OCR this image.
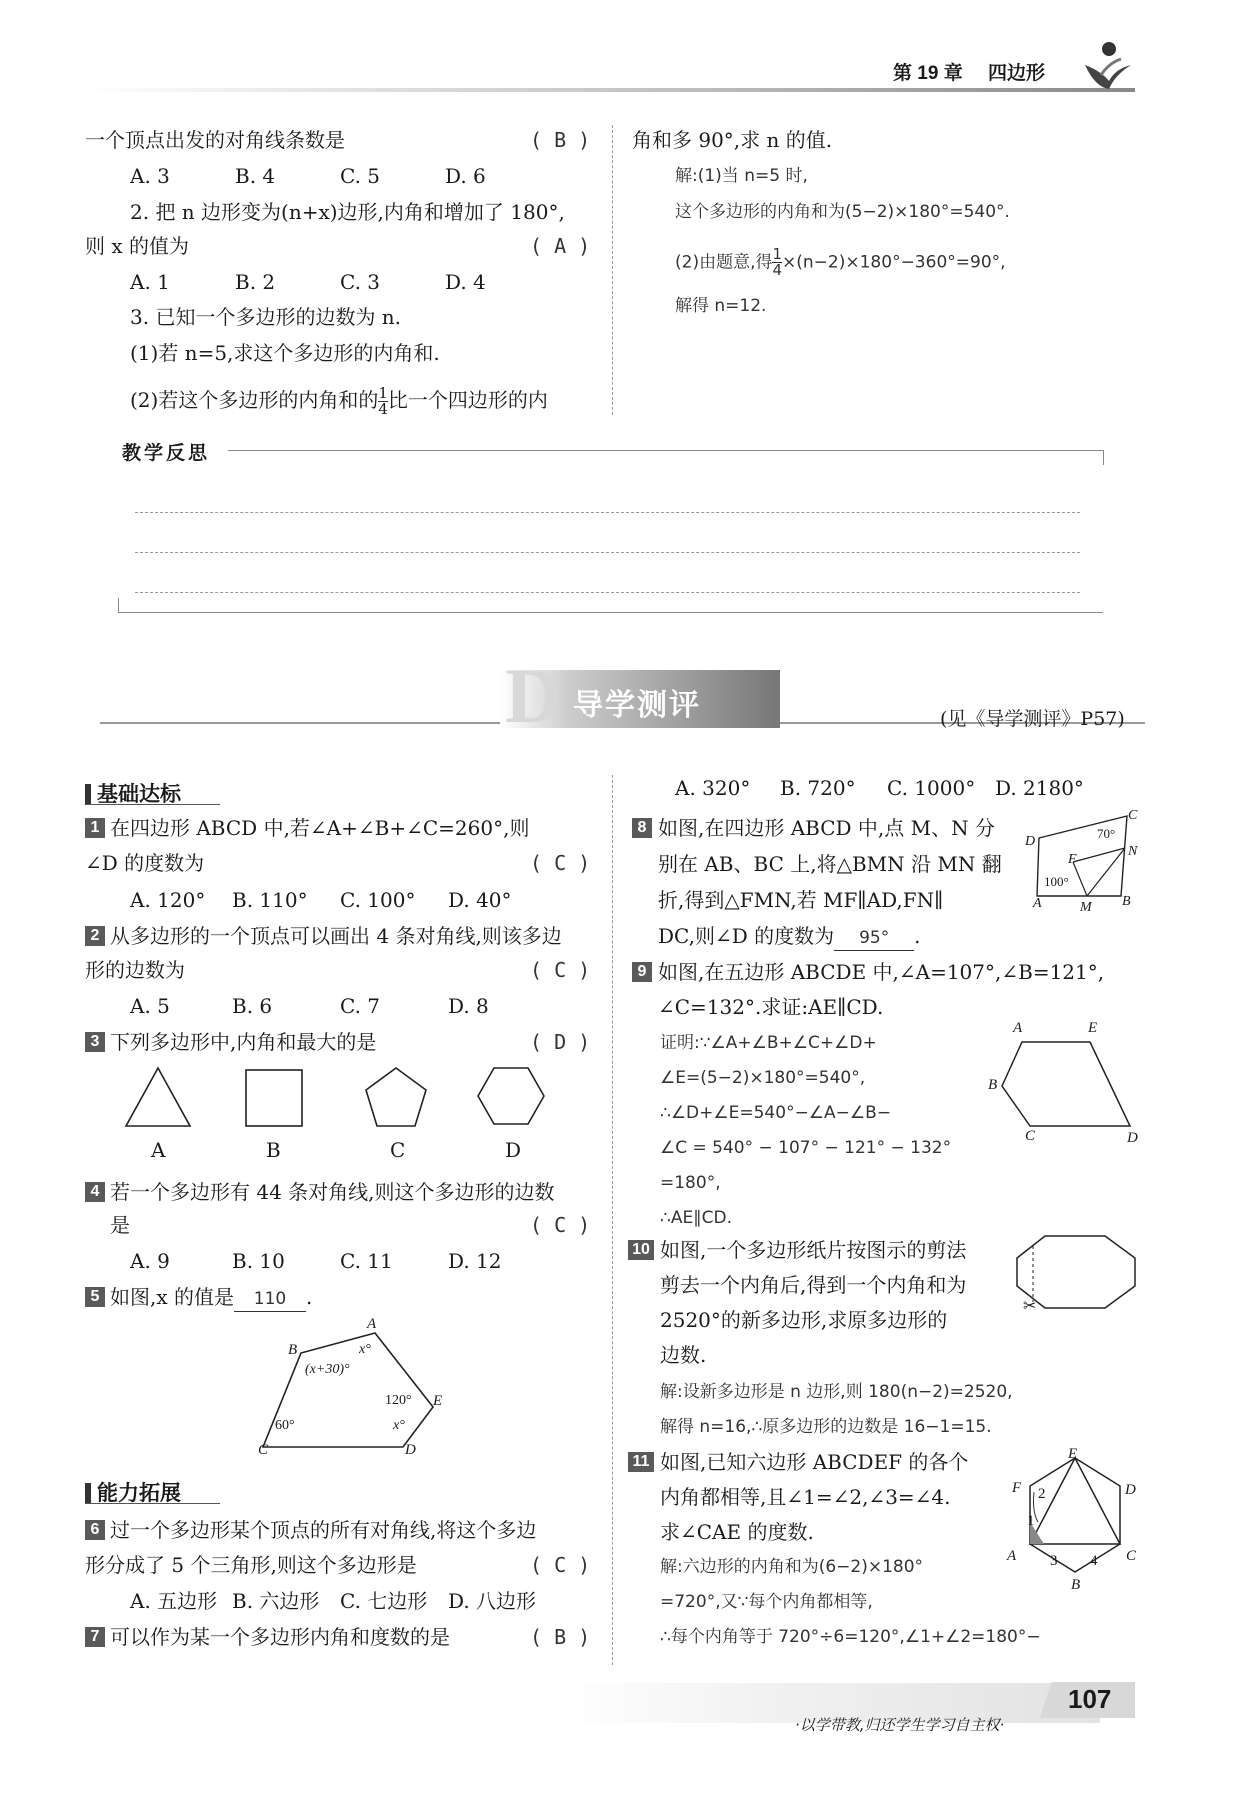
第 19 章 四边形
一个顶点出发的对角线条数是	( B )
A. 3	B. 4	C. 5	D. 6
2. 把 n 边形变为(n+x)边形,内角和增加了 180°,
则 x 的值为	( A )
A. 1	B. 2	C. 3	D. 4
3. 已知一个多边形的边数为 n.
(1)若 n=5,求这个多边形的内角和.
(2)若这个多边形的内角和的 $\frac{1}{4}$ 比一个四边形的内
角和多 90°,求 n 的值.
解:(1)当 n=5 时,
这个多边形的内角和为(5−2)×180°=540°.
(2)由题意,得 $\frac{1}{4} \times(n-2)\times 180^\circ-360^\circ=90^\circ$,
解得 n=12.
教学反思
D 导学测评	(见《导学测评》P57)
基础达标
1 在四边形 ABCD 中,若∠A+∠B+∠C=260°,则
∠D 的度数为	( C )
A. 120° B. 110° C. 100° D. 40°
2 从多边形的一个顶点可以画出 4 条对角线,则该多边
形的边数为	( C )
A. 5	B. 6	C. 7	D. 8
3 下列多边形中,内角和最大的是	( D )
A	B	C	D
4 若一个多边形有 44 条对角线,则这个多边形的边数
是	( C )
A. 9	B. 10	C. 11	D. 12
5 如图,x 的值是 110 .
A
B	x°
(x+30)°
120° E
60°	x°
C	D
能力拓展
6 过一个多边形某个顶点的所有对角线,将这个多边
形分成了 5 个三角形,则这个多边形是	( C )
A. 五边形 B. 六边形 C. 七边形 D. 八边形
7 可以作为某一个多边形内角和度数的是	( B )
A. 320° B. 720° C. 1000° D. 2180°
8 如图,在四边形 ABCD 中,点 M、N 分
别在 AB、BC 上,将△BMN 沿 MN 翻
折,得到△FMN,若 MF∥AD,FN∥
DC,则∠D 的度数为 95° .
D
C
70°
N
F
100°
A	M B
9 如图,在五边形 ABCDE 中,∠A=107°,∠B=121°,
∠C=132°.求证:AE∥CD.
证明:∵∠A+∠B+∠C+∠D+
∠E=(5−2)×180°=540°,
∴∠D+∠E=540°−∠A−∠B−
∠C = 540° − 107° − 121° − 132°
=180°,
∴AE∥CD.
A	E
B
C	D
10 如图,一个多边形纸片按图示的剪法
剪去一个内角后,得到一个内角和为
2520°的新多边形,求原多边形的
边数.
✂
解:设新多边形是 n 边形,则 180(n−2)=2520,
解得 n=16,∴原多边形的边数是 16−1=15.
11 如图,已知六边形 ABCDEF 的各个
内角都相等,且∠1=∠2,∠3=∠4.
求∠CAE 的度数.
解:六边形的内角和为(6−2)×180°
=720°,又∵每个内角都相等,
∴每个内角等于 720°÷6=120°,∠1+∠2=180°−
E
F	D
2
1
A 3 4 C
B
·以学带教,归还学生学习自主权·
107
